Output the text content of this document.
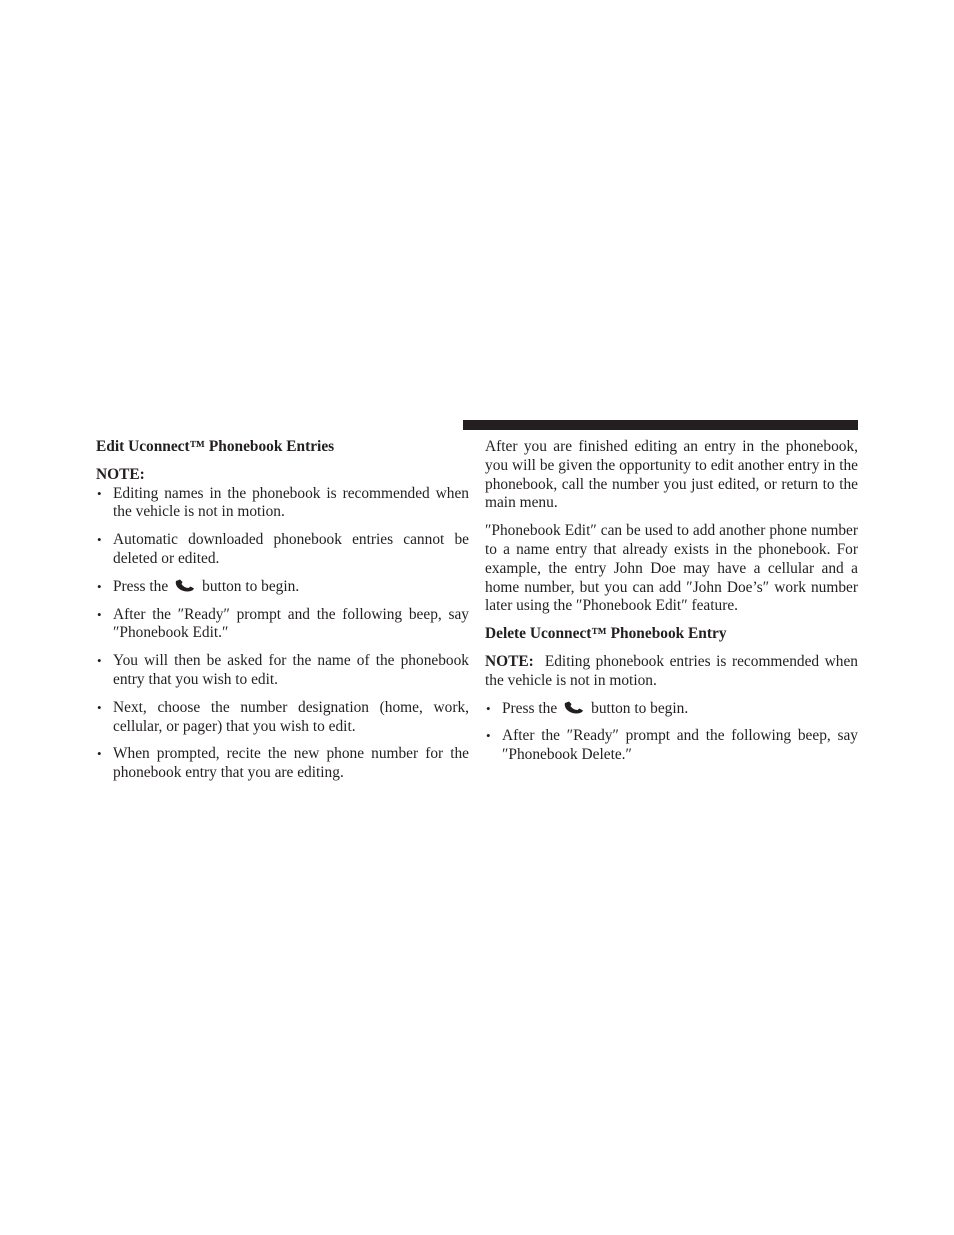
Edit Uconnect™ Phonebook Entries
NOTE:
• Editing names in the phonebook is recommended when the vehicle is not in motion.
• Automatic downloaded phonebook entries cannot be deleted or edited.
• Press the button to begin.
• After the ″Ready″ prompt and the following beep, say ″Phonebook Edit.″
• You will then be asked for the name of the phonebook entry that you wish to edit.
• Next, choose the number designation (home, work, cellular, or pager) that you wish to edit.
• When prompted, recite the new phone number for the phonebook entry that you are editing.

After you are finished editing an entry in the phonebook, you will be given the opportunity to edit another entry in the phonebook, call the number you just edited, or return to the main menu.

″Phonebook Edit″ can be used to add another phone number to a name entry that already exists in the phonebook. For example, the entry John Doe may have a cellular and a home number, but you can add ″John Doe’s″ work number later using the ″Phonebook Edit″ feature.

Delete Uconnect™ Phonebook Entry

NOTE: Editing phonebook entries is recommended when the vehicle is not in motion.

• Press the button to begin.
• After the ″Ready″ prompt and the following beep, say ″Phonebook Delete.″
